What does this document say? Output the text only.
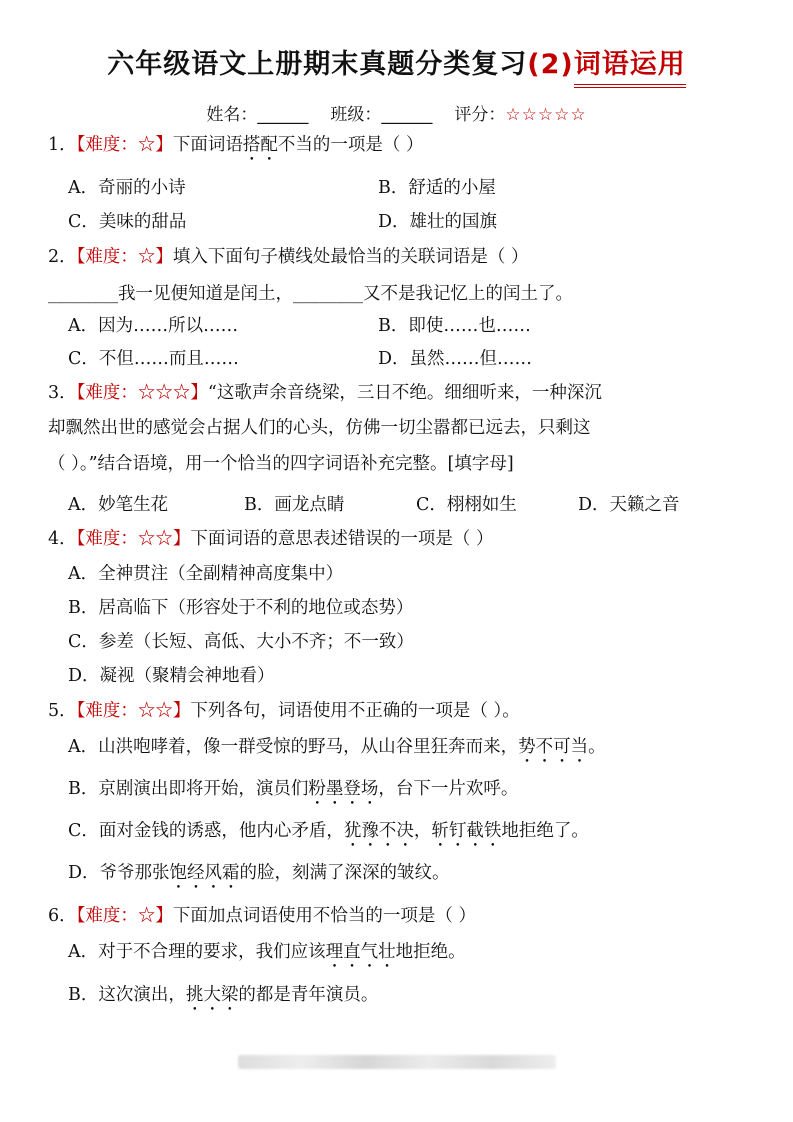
六年级语文上册期末真题分类复习(2)词语运用
姓名：______ 班级：______ 评分：☆☆☆☆☆
1．【难度：☆】下面词语搭配不当的一项是（ ）
A．奇丽的小诗	B．舒适的小屋
C．美味的甜品	D．雄壮的国旗
2．【难度：☆】填入下面句子横线处最恰当的关联词语是（ ）
________我一见便知道是闰土，________又不是我记忆上的闰土了。
A．因为……所以……	B．即使……也……
C．不但……而且……	D．虽然……但……
3．【难度：☆☆☆】“这歌声余音绕梁，三日不绝。细细听来，一种深沉
却飘然出世的感觉会占据人们的心头，仿佛一切尘嚣都已远去，只剩这
（ ）。”结合语境，用一个恰当的四字词语补充完整。[填字母]
A．妙笔生花	B．画龙点睛	C．栩栩如生	D．天籁之音
4．【难度：☆☆】下面词语的意思表述错误的一项是（ ）
A．全神贯注（全副精神高度集中）
B．居高临下（形容处于不利的地位或态势）
C．参差（长短、高低、大小不齐；不一致）
D．凝视（聚精会神地看）
5．【难度：☆☆】下列各句，词语使用不正确的一项是（ ）。
A．山洪咆哮着，像一群受惊的野马，从山谷里狂奔而来，势不可当。
B．京剧演出即将开始，演员们粉墨登场，台下一片欢呼。
C．面对金钱的诱惑，他内心矛盾，犹豫不决，斩钉截铁地拒绝了。
D．爷爷那张饱经风霜的脸，刻满了深深的皱纹。
6．【难度：☆】下面加点词语使用不恰当的一项是（ ）
A．对于不合理的要求，我们应该理直气壮地拒绝。
B．这次演出，挑大梁的都是青年演员。
